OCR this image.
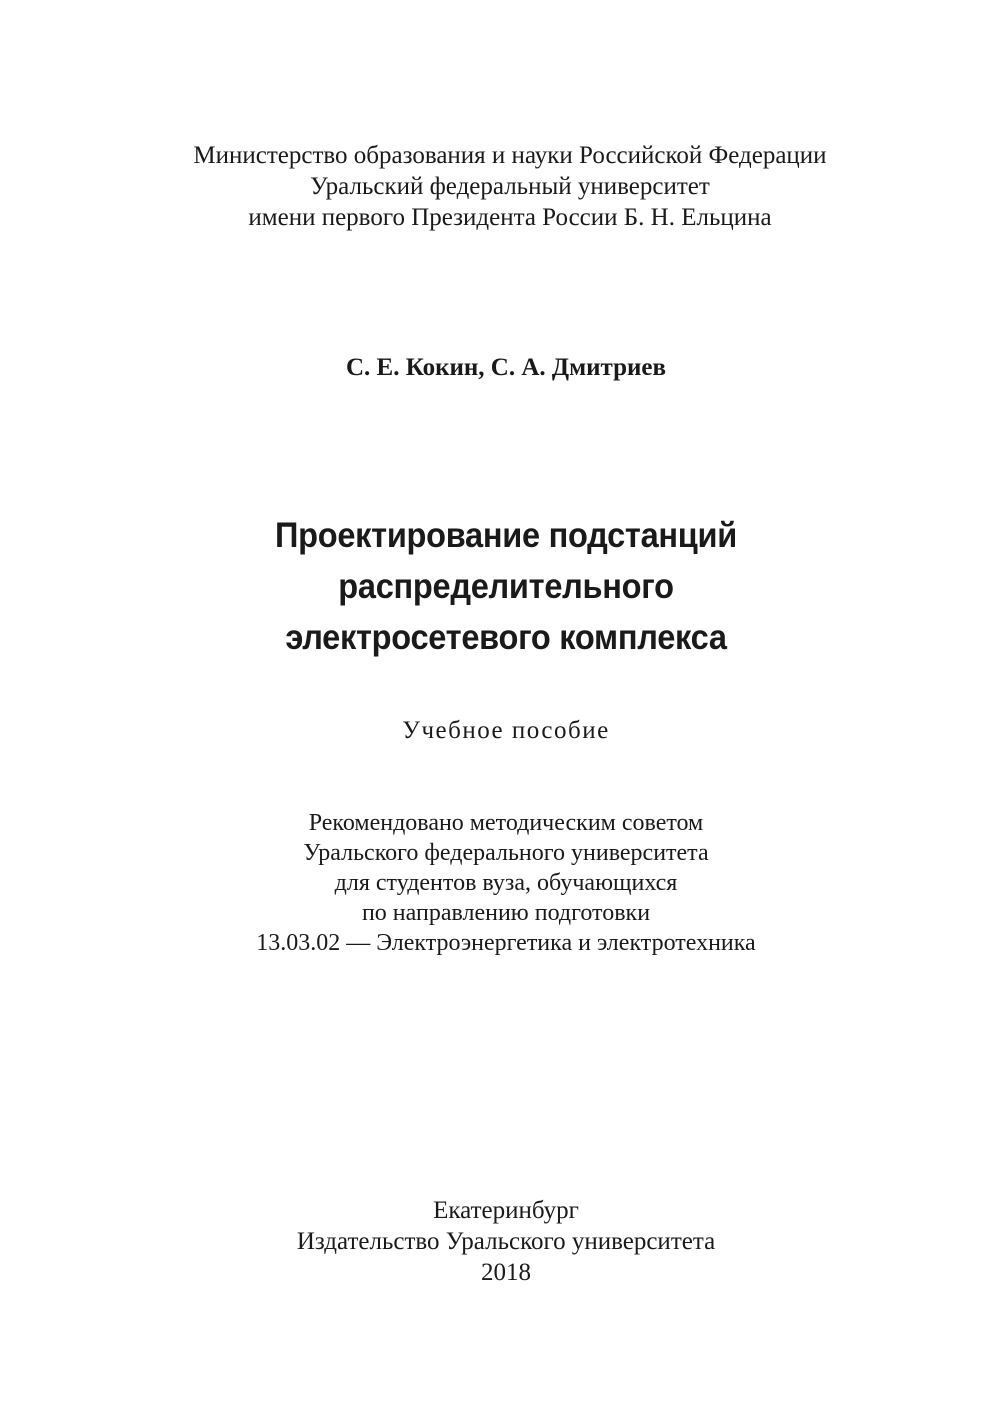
Министерство образования и науки Российской Федерации
Уральский федеральный университет
имени первого Президента России Б. Н. Ельцина
С. Е. Кокин, С. А. Дмитриев
Проектирование подстанций
распределительного
электросетевого комплекса
Учебное пособие
Рекомендовано методическим советом
Уральского федерального университета
для студентов вуза, обучающихся
по направлению подготовки
13.03.02 — Электроэнергетика и электротехника
Екатеринбург
Издательство Уральского университета
2018
